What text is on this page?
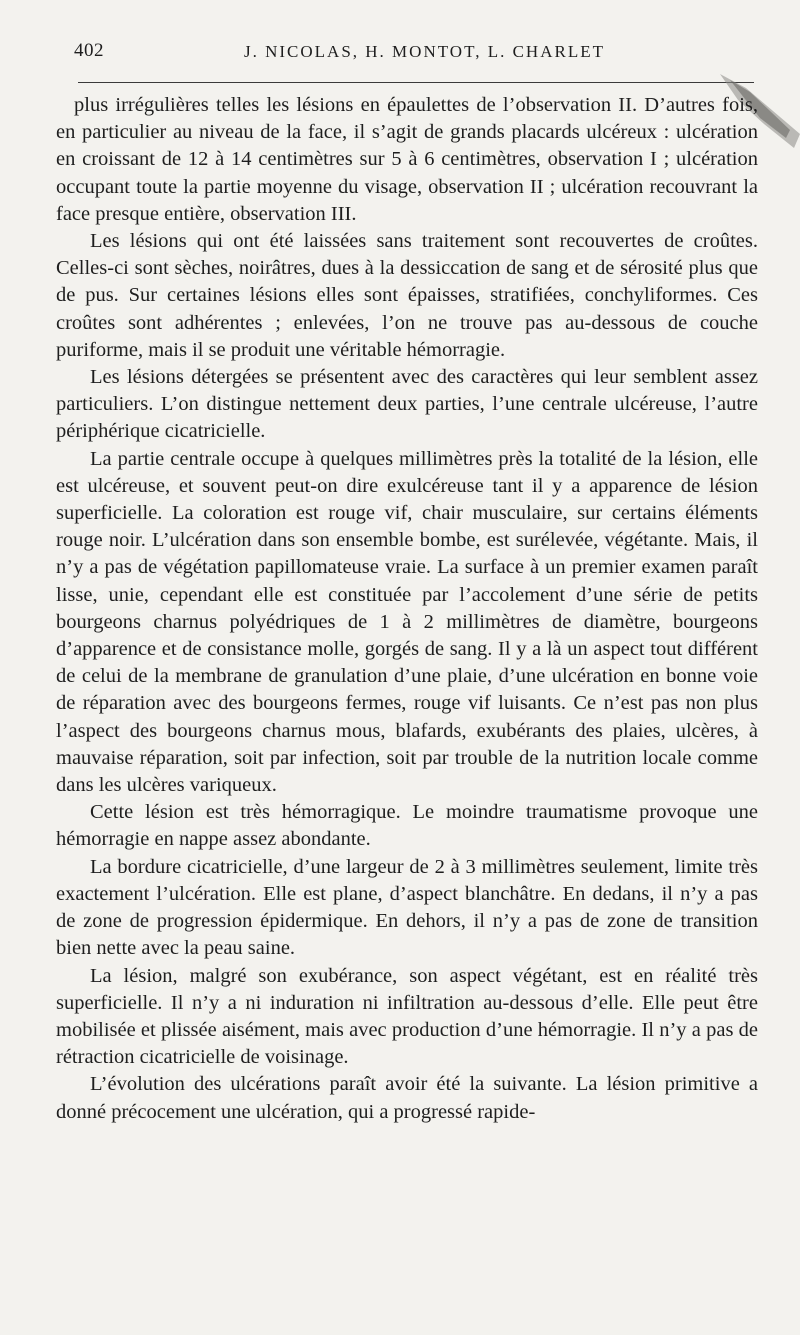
402	J. NICOLAS, H. MONTOT, L. CHARLET

plus irrégulières telles les lésions en épaulettes de l’observation II. D’autres fois, en particulier au niveau de la face, il s’agit de grands placards ulcéreux : ulcération en croissant de 12 à 14 centimètres sur 5 à 6 centimètres, observation I ; ulcération occupant toute la partie moyenne du visage, observation II ; ulcération recouvrant la face presque entière, observation III.

Les lésions qui ont été laissées sans traitement sont recouvertes de croûtes. Celles-ci sont sèches, noirâtres, dues à la dessiccation de sang et de sérosité plus que de pus. Sur certaines lésions elles sont épaisses, stratifiées, conchyliformes. Ces croûtes sont adhérentes ; enlevées, l’on ne trouve pas au-dessous de couche puriforme, mais il se produit une véritable hémorragie.

Les lésions détergées se présentent avec des caractères qui leur semblent assez particuliers. L’on distingue nettement deux parties, l’une centrale ulcéreuse, l’autre périphérique cicatricielle.

La partie centrale occupe à quelques millimètres près la totalité de la lésion, elle est ulcéreuse, et souvent peut-on dire exulcéreuse tant il y a apparence de lésion superficielle. La coloration est rouge vif, chair musculaire, sur certains éléments rouge noir. L’ulcération dans son ensemble bombe, est surélevée, végétante. Mais, il n’y a pas de végétation papillomateuse vraie. La surface à un premier examen paraît lisse, unie, cependant elle est constituée par l’accolement d’une série de petits bourgeons charnus polyédriques de 1 à 2 millimètres de diamètre, bourgeons d’apparence et de consistance molle, gorgés de sang. Il y a là un aspect tout différent de celui de la membrane de granulation d’une plaie, d’une ulcération en bonne voie de réparation avec des bourgeons fermes, rouge vif luisants. Ce n’est pas non plus l’aspect des bourgeons charnus mous, blafards, exubérants des plaies, ulcères, à mauvaise réparation, soit par infection, soit par trouble de la nutrition locale comme dans les ulcères variqueux.

Cette lésion est très hémorragique. Le moindre traumatisme provoque une hémorragie en nappe assez abondante.

La bordure cicatricielle, d’une largeur de 2 à 3 millimètres seulement, limite très exactement l’ulcération. Elle est plane, d’aspect blanchâtre. En dedans, il n’y a pas de zone de progression épidermique. En dehors, il n’y a pas de zone de transition bien nette avec la peau saine.

La lésion, malgré son exubérance, son aspect végétant, est en réalité très superficielle. Il n’y a ni induration ni infiltration au-dessous d’elle. Elle peut être mobilisée et plissée aisément, mais avec production d’une hémorragie. Il n’y a pas de rétraction cicatricielle de voisinage.

L’évolution des ulcérations paraît avoir été la suivante. La lésion primitive a donné précocement une ulcération, qui a progressé rapide-
